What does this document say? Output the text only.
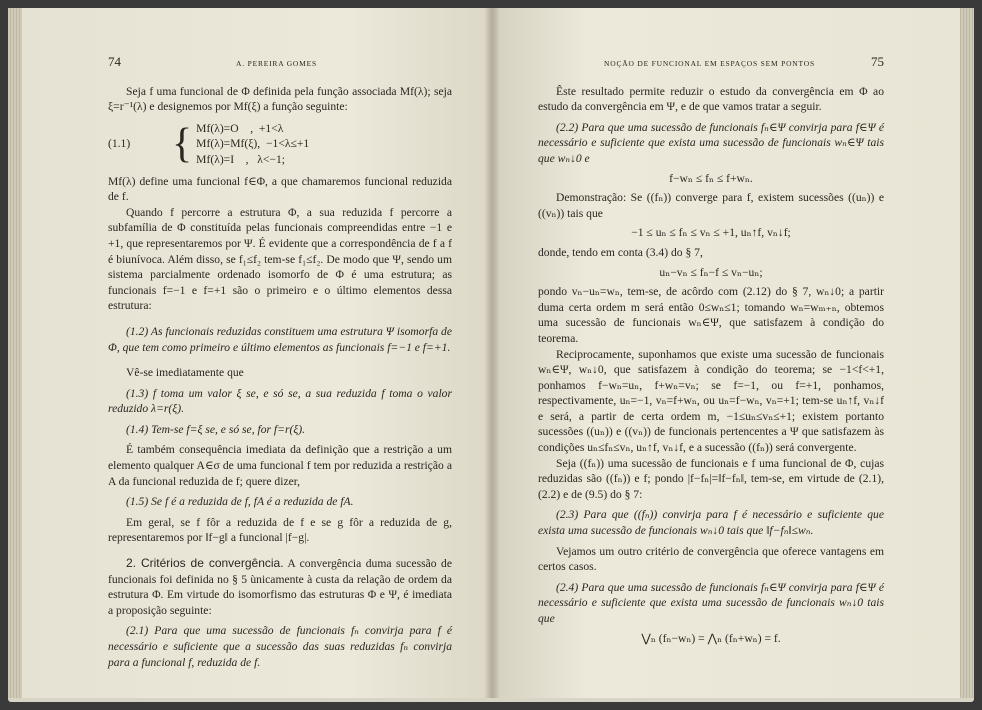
74	A. PEREIRA GOMES

Seja f uma funcional de Φ definida pela função associada Mf(λ); seja ξ=r⁻¹(λ) e designemos por Mf(ξ) a função seguinte:

(1.1) { Mf(λ)=O    ,  +1<λ
Mf(λ)=Mf(ξ),  −1<λ≤+1
Mf(λ)=I    ,   λ<−1;

Mf(λ) define uma funcional f∈Φ, a que chamaremos funcional reduzida de f.

Quando f percorre a estrutura Φ, a sua reduzida f percorre a subfamília de Φ constituída pelas funcionais compreendidas entre −1 e +1, que representaremos por Ψ. É evidente que a correspondência de f a f é biunívoca. Além disso, se f₁≤f₂ tem-se f₁≤f₂. De modo que Ψ, sendo um sistema parcialmente ordenado isomorfo de Φ é uma estrutura; as funcionais f=−1 e f=+1 são o primeiro e o último elementos dessa estrutura:

(1.2) As funcionais reduzidas constituem uma estrutura Ψ isomorfa de Φ, que tem como primeiro e último elementos as funcionais f=−1 e f=+1.

Vê-se imediatamente que

(1.3) f toma um valor ξ se, e só se, a sua reduzida f toma o valor reduzido λ=r(ξ).

(1.4) Tem-se f=ξ se, e só se, for f=r(ξ).

É também consequência imediata da definição que a restrição a um elemento qualquer A∈σ de uma funcional f tem por reduzida a restrição a A da funcional reduzida de f; quere dizer,

(1.5) Se f é a reduzida de f, fA é a reduzida de fA.

Em geral, se f fôr a reduzida de f e se g fôr a reduzida de g, representaremos por ‖f−g‖ a funcional |f−g|.

2. Critérios de convergência. A convergência duma sucessão de funcionais foi definida no § 5 ùnicamente à custa da relação de ordem da estrutura Φ. Em virtude do isomorfismo das estruturas Φ e Ψ, é imediata a proposição seguinte:

(2.1) Para que uma sucessão de funcionais fₙ convirja para f é necessário e suficiente que a sucessão das suas reduzidas fₙ convirja para a funcional f, reduzida de f.

NOÇÃO DE FUNCIONAL EM ESPAÇOS SEM PONTOS	75

Êste resultado permite reduzir o estudo da convergência em Φ ao estudo da convergência em Ψ, e de que vamos tratar a seguir.

(2.2) Para que uma sucessão de funcionais fₙ∈Ψ convirja para f∈Ψ é necessário e suficiente que exista uma sucessão de funcionais wₙ∈Ψ tais que wₙ↓0 e

f−wₙ ≤ fₙ ≤ f+wₙ.

Demonstração: Se ((fₙ)) converge para f, existem sucessões ((uₙ)) e ((vₙ)) tais que

−1 ≤ uₙ ≤ fₙ ≤ vₙ ≤ +1, uₙ↑f, vₙ↓f;

donde, tendo em conta (3.4) do § 7,

uₙ−vₙ ≤ fₙ−f ≤ vₙ−uₙ;

pondo vₙ−uₙ=wₙ, tem-se, de acôrdo com (2.12) do § 7, wₙ↓0; a partir duma certa ordem m será então 0≤wₙ≤1; tomando wₙ=wₘ₊ₙ, obtemos uma sucessão de funcionais wₙ∈Ψ, que satisfazem à condição do teorema.

Reciprocamente, suponhamos que existe uma sucessão de funcionais wₙ∈Ψ, wₙ↓0, que satisfazem à condição do teorema; se −1<f<+1, ponhamos f−wₙ=uₙ, f+wₙ=vₙ; se f=−1, ou f=+1, ponhamos, respectivamente, uₙ=−1, vₙ=f+wₙ, ou uₙ=f−wₙ, vₙ=+1; tem-se uₙ↑f, vₙ↓f e será, a partir de certa ordem m, −1≤uₙ≤vₙ≤+1; existem portanto sucessões ((uₙ)) e ((vₙ)) de funcionais pertencentes a Ψ que satisfazem às condições uₙ≤fₙ≤vₙ, uₙ↑f, vₙ↓f, e a sucessão ((fₙ)) será convergente.

Seja ((fₙ)) uma sucessão de funcionais e f uma funcional de Φ, cujas reduzidas são ((fₙ)) e f; pondo |f−fₙ|=‖f−fₙ‖, tem-se, em virtude de (2.1), (2.2) e de (9.5) do § 7:

(2.3) Para que ((fₙ)) convirja para f é necessário e suficiente que exista uma sucessão de funcionais wₙ↓0 tais que ‖f−fₙ‖≤wₙ.

Vejamos um outro critério de convergência que oferece vantagens em certos casos.

(2.4) Para que uma sucessão de funcionais fₙ∈Ψ convirja para f∈Ψ é necessário e suficiente que exista uma sucessão de funcionais wₙ↓0 tais que

⋁ₙ (fₙ−wₙ) = ⋀ₙ (fₙ+wₙ) = f.
